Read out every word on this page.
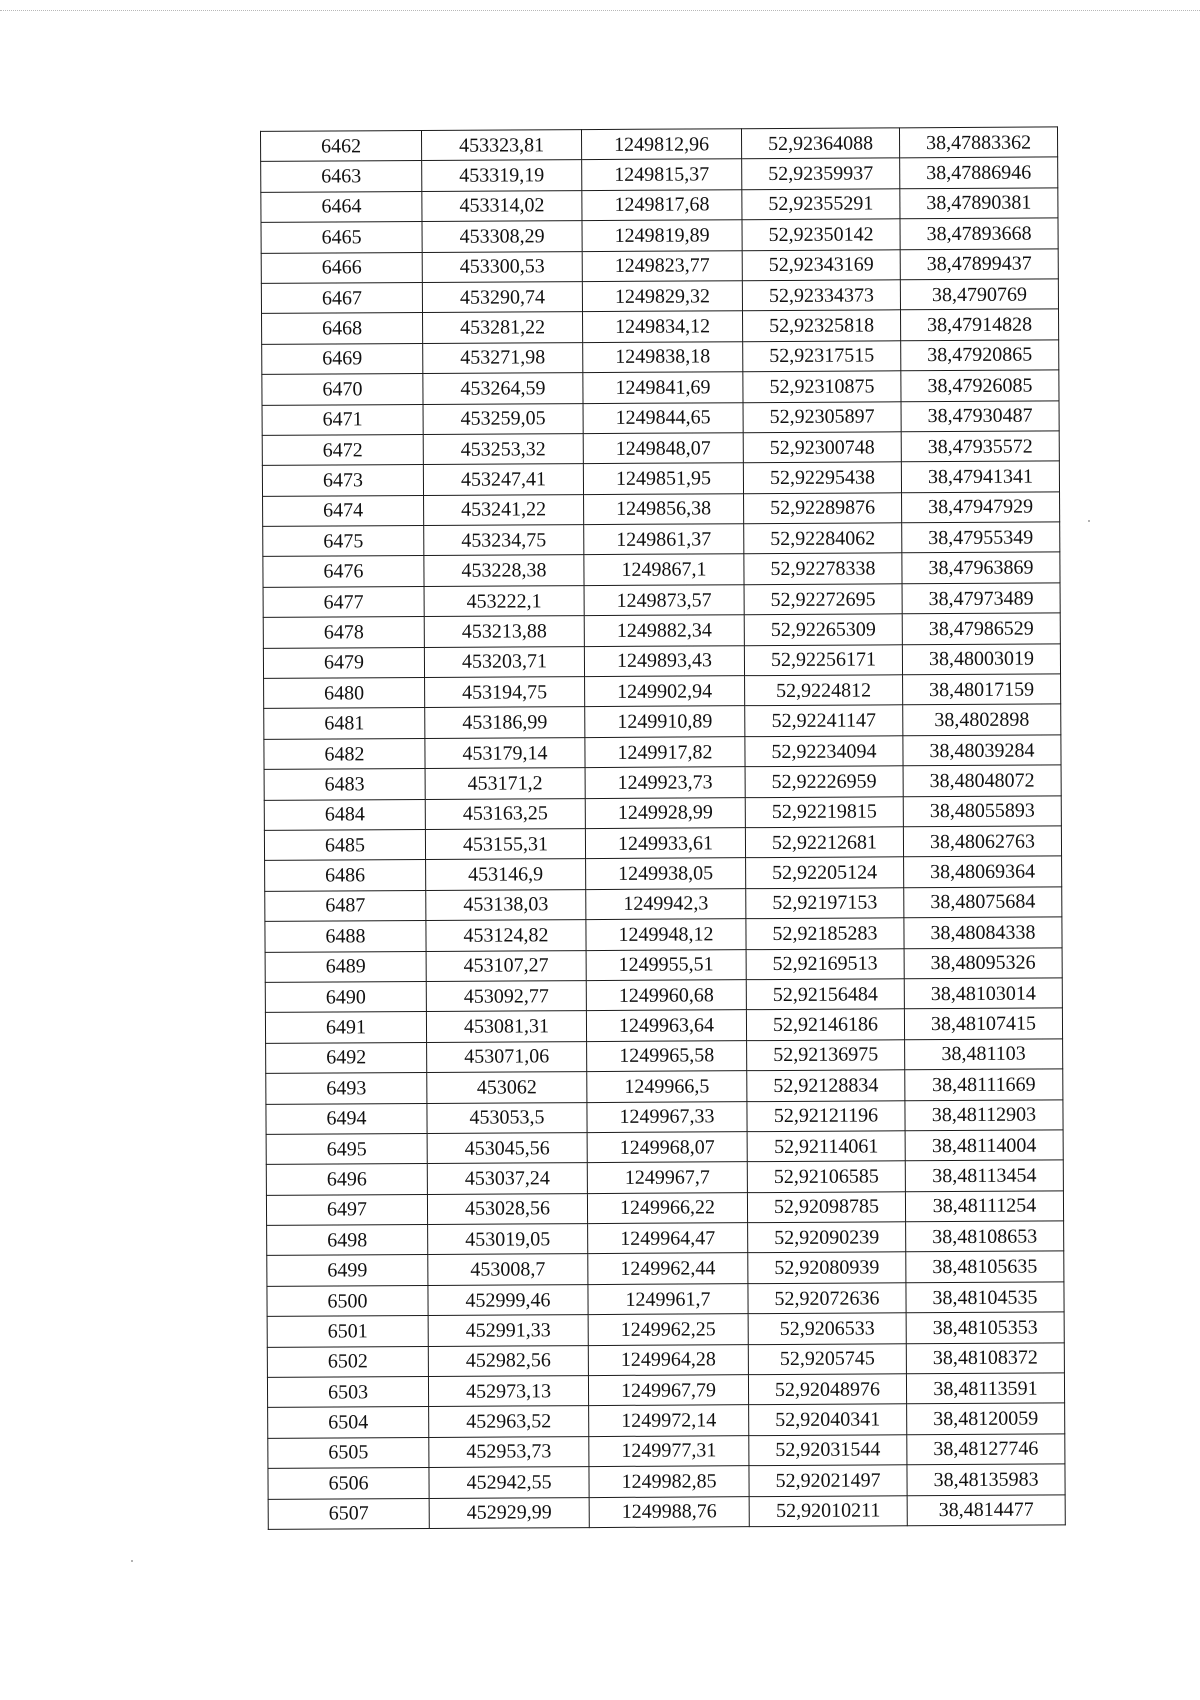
6462	453323,81	1249812,96	52,92364088	38,47883362
6463	453319,19	1249815,37	52,92359937	38,47886946
6464	453314,02	1249817,68	52,92355291	38,47890381
6465	453308,29	1249819,89	52,92350142	38,47893668
6466	453300,53	1249823,77	52,92343169	38,47899437
6467	453290,74	1249829,32	52,92334373	38,4790769
6468	453281,22	1249834,12	52,92325818	38,47914828
6469	453271,98	1249838,18	52,92317515	38,47920865
6470	453264,59	1249841,69	52,92310875	38,47926085
6471	453259,05	1249844,65	52,92305897	38,47930487
6472	453253,32	1249848,07	52,92300748	38,47935572
6473	453247,41	1249851,95	52,92295438	38,47941341
6474	453241,22	1249856,38	52,92289876	38,47947929
6475	453234,75	1249861,37	52,92284062	38,47955349
6476	453228,38	1249867,1	52,92278338	38,47963869
6477	453222,1	1249873,57	52,92272695	38,47973489
6478	453213,88	1249882,34	52,92265309	38,47986529
6479	453203,71	1249893,43	52,92256171	38,48003019
6480	453194,75	1249902,94	52,9224812	38,48017159
6481	453186,99	1249910,89	52,92241147	38,4802898
6482	453179,14	1249917,82	52,92234094	38,48039284
6483	453171,2	1249923,73	52,92226959	38,48048072
6484	453163,25	1249928,99	52,92219815	38,48055893
6485	453155,31	1249933,61	52,92212681	38,48062763
6486	453146,9	1249938,05	52,92205124	38,48069364
6487	453138,03	1249942,3	52,92197153	38,48075684
6488	453124,82	1249948,12	52,92185283	38,48084338
6489	453107,27	1249955,51	52,92169513	38,48095326
6490	453092,77	1249960,68	52,92156484	38,48103014
6491	453081,31	1249963,64	52,92146186	38,48107415
6492	453071,06	1249965,58	52,92136975	38,481103
6493	453062	1249966,5	52,92128834	38,48111669
6494	453053,5	1249967,33	52,92121196	38,48112903
6495	453045,56	1249968,07	52,92114061	38,48114004
6496	453037,24	1249967,7	52,92106585	38,48113454
6497	453028,56	1249966,22	52,92098785	38,48111254
6498	453019,05	1249964,47	52,92090239	38,48108653
6499	453008,7	1249962,44	52,92080939	38,48105635
6500	452999,46	1249961,7	52,92072636	38,48104535
6501	452991,33	1249962,25	52,9206533	38,48105353
6502	452982,56	1249964,28	52,9205745	38,48108372
6503	452973,13	1249967,79	52,92048976	38,48113591
6504	452963,52	1249972,14	52,92040341	38,48120059
6505	452953,73	1249977,31	52,92031544	38,48127746
6506	452942,55	1249982,85	52,92021497	38,48135983
6507	452929,99	1249988,76	52,92010211	38,4814477
